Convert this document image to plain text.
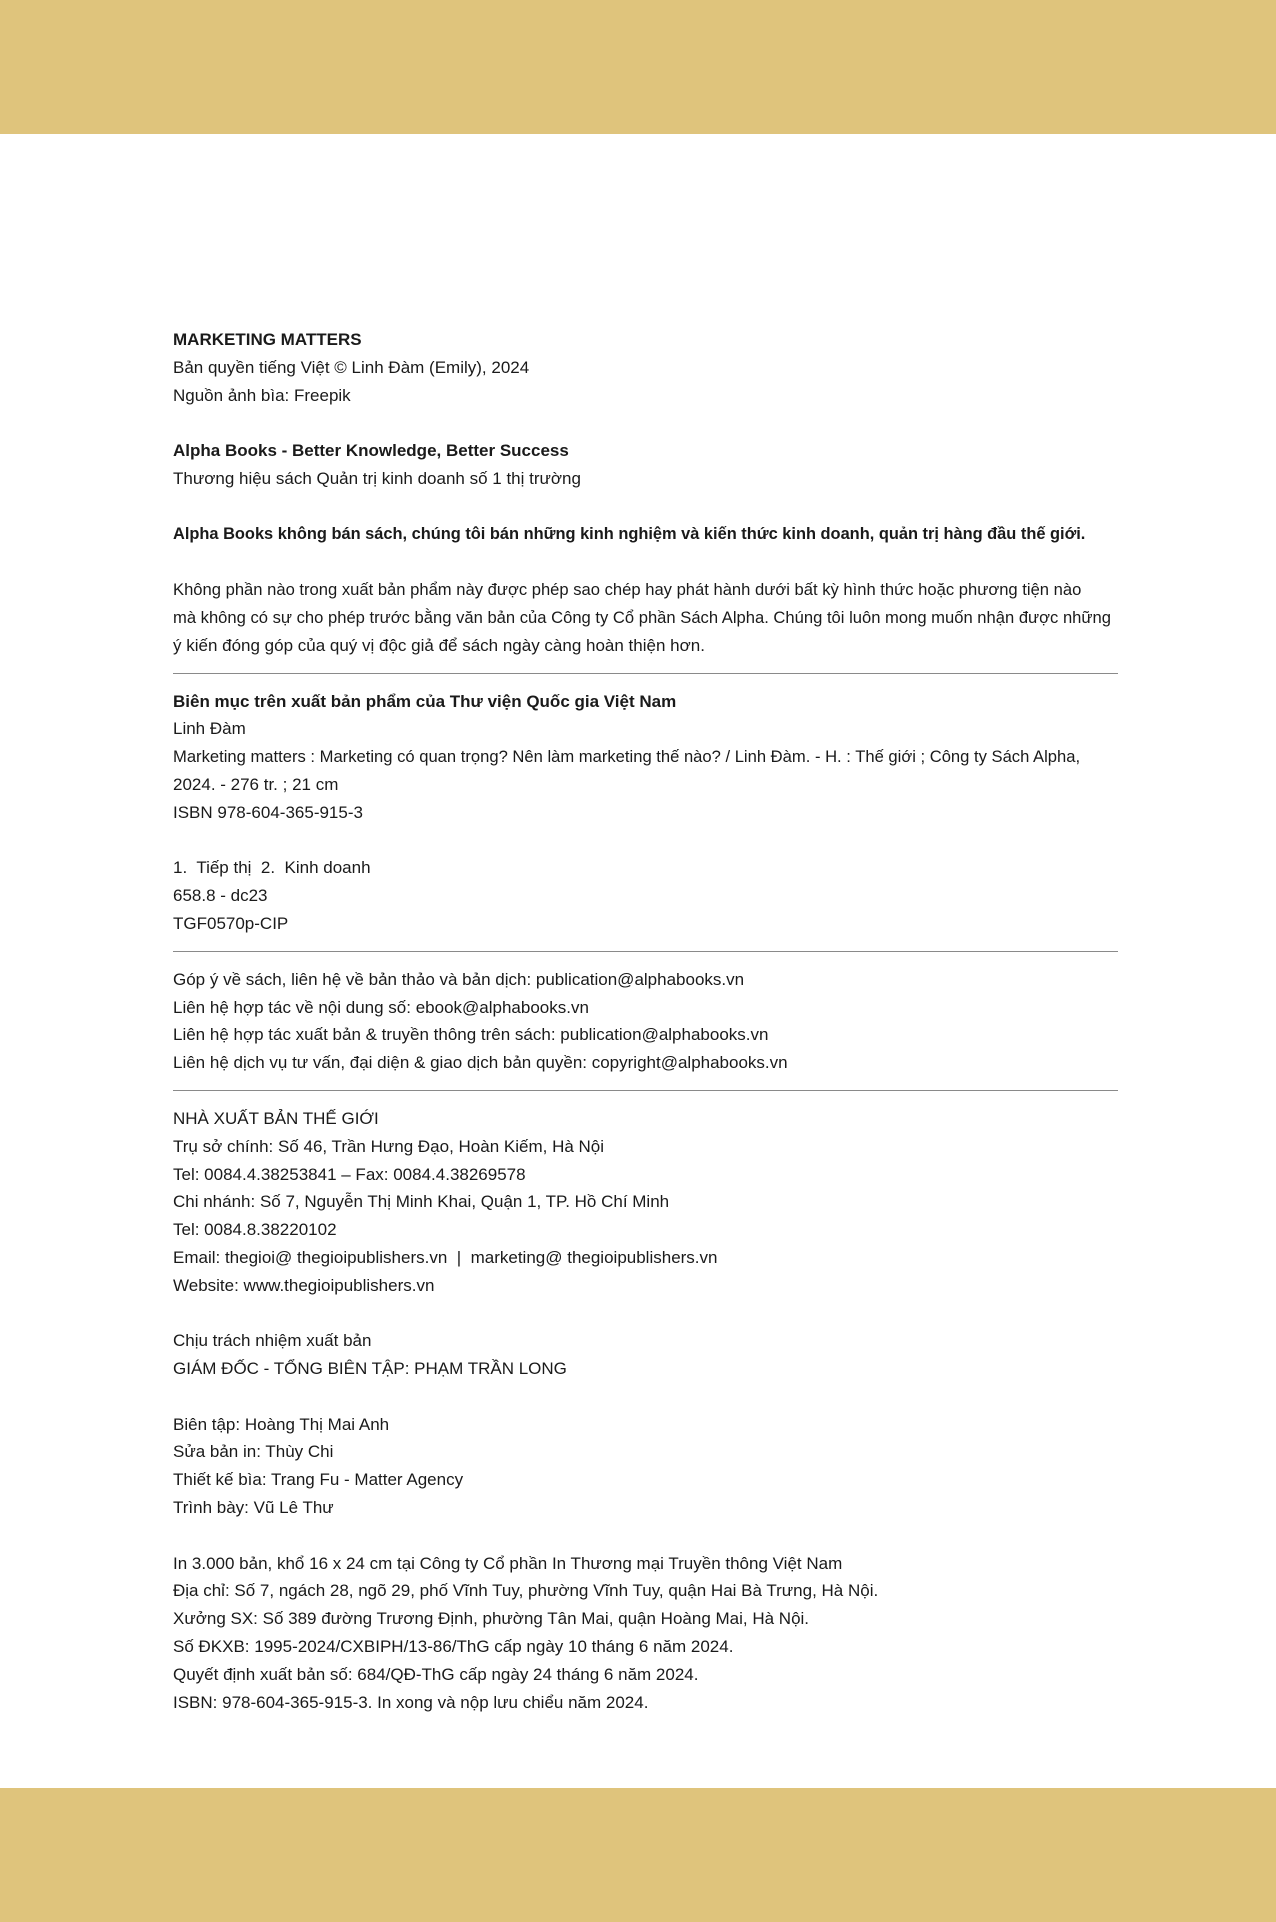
MARKETING MATTERS
Bản quyền tiếng Việt © Linh Đàm (Emily), 2024
Nguồn ảnh bìa: Freepik
Alpha Books - Better Knowledge, Better Success
Thương hiệu sách Quản trị kinh doanh số 1 thị trường
Alpha Books không bán sách, chúng tôi bán những kinh nghiệm và kiến thức kinh doanh, quản trị hàng đầu thế giới.
Không phần nào trong xuất bản phẩm này được phép sao chép hay phát hành dưới bất kỳ hình thức hoặc phương tiện nào
mà không có sự cho phép trước bằng văn bản của Công ty Cổ phần Sách Alpha. Chúng tôi luôn mong muốn nhận được những
ý kiến đóng góp của quý vị độc giả để sách ngày càng hoàn thiện hơn.
Biên mục trên xuất bản phẩm của Thư viện Quốc gia Việt Nam
Linh Đàm
Marketing matters : Marketing có quan trọng? Nên làm marketing thế nào? / Linh Đàm. - H. : Thế giới ; Công ty Sách Alpha,
2024. - 276 tr. ; 21 cm
ISBN 978-604-365-915-3
1.  Tiếp thị  2.  Kinh doanh
658.8 - dc23
TGF0570p-CIP
Góp ý về sách, liên hệ về bản thảo và bản dịch: publication@alphabooks.vn
Liên hệ hợp tác về nội dung số: ebook@alphabooks.vn
Liên hệ hợp tác xuất bản & truyền thông trên sách: publication@alphabooks.vn
Liên hệ dịch vụ tư vấn, đại diện & giao dịch bản quyền: copyright@alphabooks.vn
NHÀ XUẤT BẢN THẾ GIỚI
Trụ sở chính: Số 46, Trần Hưng Đạo, Hoàn Kiếm, Hà Nội
Tel: 0084.4.38253841 – Fax: 0084.4.38269578
Chi nhánh: Số 7, Nguyễn Thị Minh Khai, Quận 1, TP. Hồ Chí Minh
Tel: 0084.8.38220102
Email: thegioi@ thegioipublishers.vn  |  marketing@ thegioipublishers.vn
Website: www.thegioipublishers.vn
Chịu trách nhiệm xuất bản
GIÁM ĐỐC - TỔNG BIÊN TẬP: PHẠM TRẦN LONG
Biên tập: Hoàng Thị Mai Anh
Sửa bản in: Thùy Chi
Thiết kế bìa: Trang Fu - Matter Agency
Trình bày: Vũ Lê Thư
In 3.000 bản, khổ 16 x 24 cm tại Công ty Cổ phần In Thương mại Truyền thông Việt Nam
Địa chỉ: Số 7, ngách 28, ngõ 29, phố Vĩnh Tuy, phường Vĩnh Tuy, quận Hai Bà Trưng, Hà Nội.
Xưởng SX: Số 389 đường Trương Định, phường Tân Mai, quận Hoàng Mai, Hà Nội.
Số ĐKXB: 1995-2024/CXBIPH/13-86/ThG cấp ngày 10 tháng 6 năm 2024.
Quyết định xuất bản số: 684/QĐ-ThG cấp ngày 24 tháng 6 năm 2024.
ISBN: 978-604-365-915-3. In xong và nộp lưu chiểu năm 2024.
